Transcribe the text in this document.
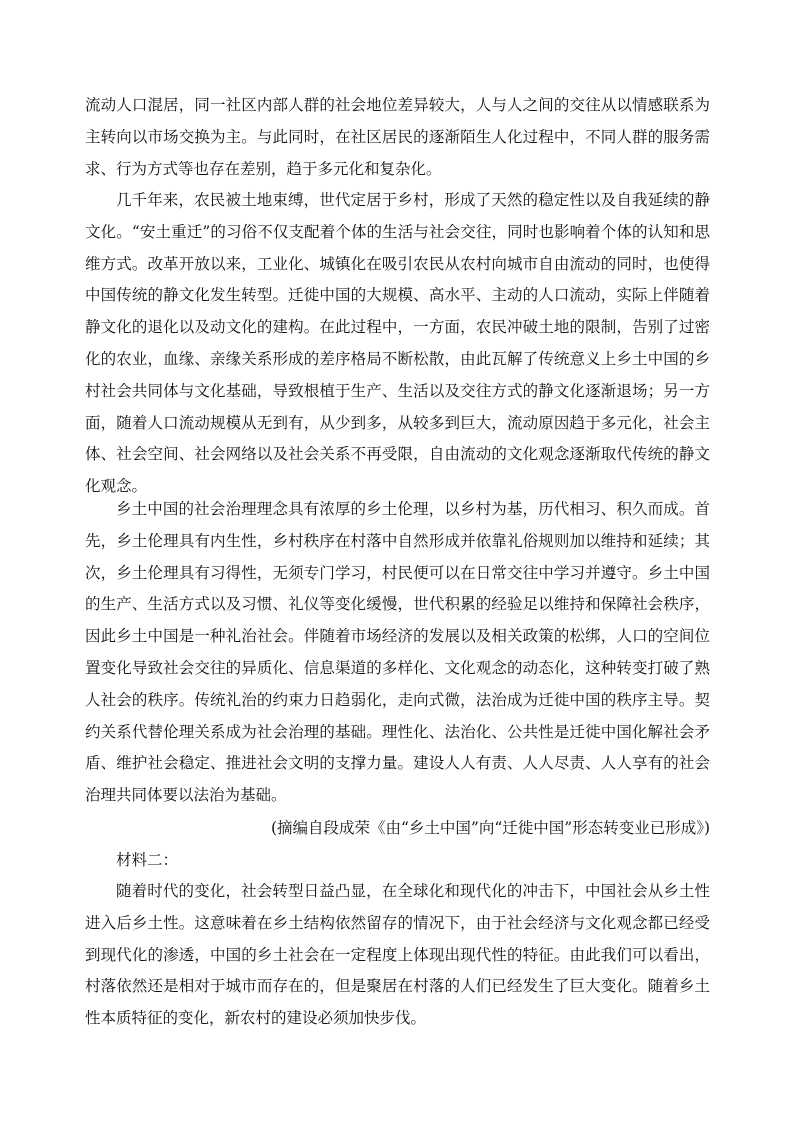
流动人口混居，同一社区内部人群的社会地位差异较大，人与人之间的交往从以情感联系为主转向以市场交换为主。与此同时，在社区居民的逐渐陌生人化过程中，不同人群的服务需求、行为方式等也存在差别，趋于多元化和复杂化。

几千年来，农民被土地束缚，世代定居于乡村，形成了天然的稳定性以及自我延续的静文化。“安土重迁”的习俗不仅支配着个体的生活与社会交往，同时也影响着个体的认知和思维方式。改革开放以来，工业化、城镇化在吸引农民从农村向城市自由流动的同时，也使得中国传统的静文化发生转型。迁徙中国的大规模、高水平、主动的人口流动，实际上伴随着静文化的退化以及动文化的建构。在此过程中，一方面，农民冲破土地的限制，告别了过密化的农业，血缘、亲缘关系形成的差序格局不断松散，由此瓦解了传统意义上乡土中国的乡村社会共同体与文化基础，导致根植于生产、生活以及交往方式的静文化逐渐退场；另一方面，随着人口流动规模从无到有，从少到多，从较多到巨大，流动原因趋于多元化，社会主体、社会空间、社会网络以及社会关系不再受限，自由流动的文化观念逐渐取代传统的静文化观念。

乡土中国的社会治理理念具有浓厚的乡土伦理，以乡村为基，历代相习、积久而成。首先，乡土伦理具有内生性，乡村秩序在村落中自然形成并依靠礼俗规则加以维持和延续；其次，乡土伦理具有习得性，无须专门学习，村民便可以在日常交往中学习并遵守。乡土中国的生产、生活方式以及习惯、礼仪等变化缓慢，世代积累的经验足以维持和保障社会秩序，因此乡土中国是一种礼治社会。伴随着市场经济的发展以及相关政策的松绑，人口的空间位置变化导致社会交往的异质化、信息渠道的多样化、文化观念的动态化，这种转变打破了熟人社会的秩序。传统礼治的约束力日趋弱化，走向式微，法治成为迁徙中国的秩序主导。契约关系代替伦理关系成为社会治理的基础。理性化、法治化、公共性是迁徙中国化解社会矛盾、维护社会稳定、推进社会文明的支撑力量。建设人人有责、人人尽责、人人享有的社会治理共同体要以法治为基础。

(摘编自段成荣《由“乡土中国”向“迁徙中国”形态转变业已形成》)

材料二：

随着时代的变化，社会转型日益凸显，在全球化和现代化的冲击下，中国社会从乡土性进入后乡土性。这意味着在乡土结构依然留存的情况下，由于社会经济与文化观念都已经受到现代化的渗透，中国的乡土社会在一定程度上体现出现代性的特征。由此我们可以看出，村落依然还是相对于城市而存在的，但是聚居在村落的人们已经发生了巨大变化。随着乡土性本质特征的变化，新农村的建设必须加快步伐。
